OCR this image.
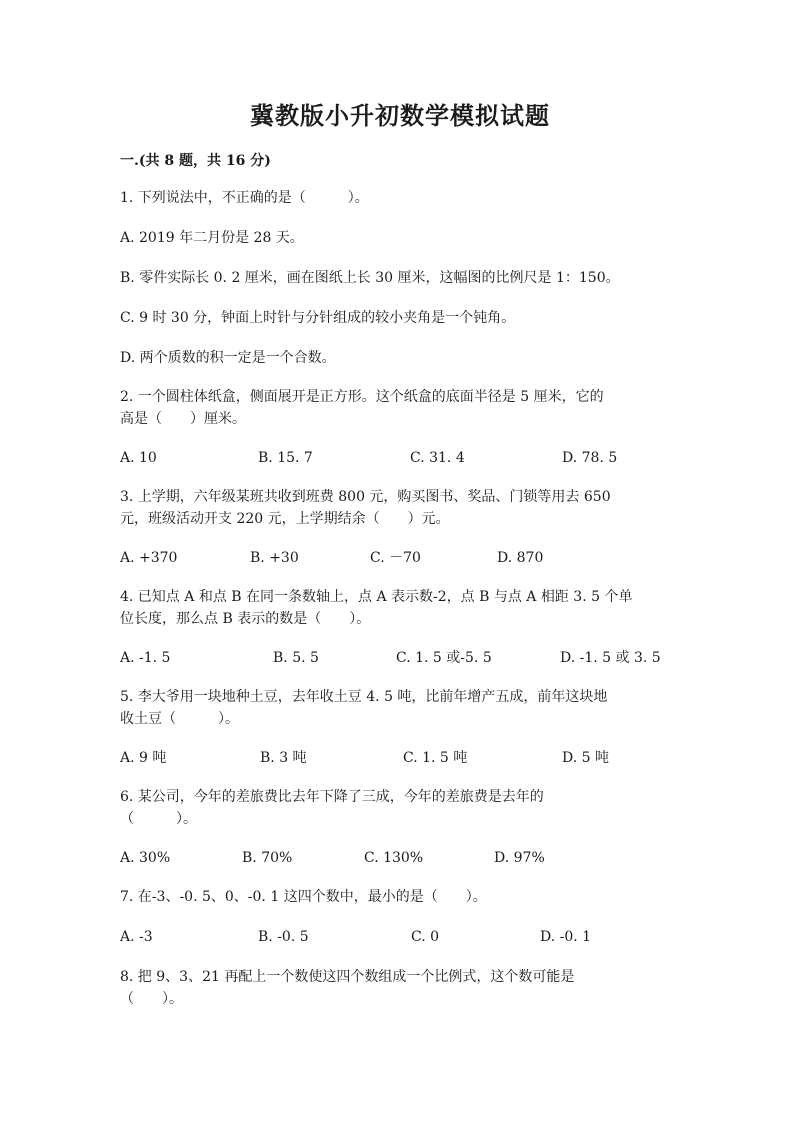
冀教版小升初数学模拟试题
一.(共 8 题，共 16 分)
1. 下列说法中，不正确的是（　　　）。
A. 2019 年二月份是 28 天。
B. 零件实际长 0. 2 厘米，画在图纸上长 30 厘米，这幅图的比例尺是 1：150。
C. 9 时 30 分，钟面上时针与分针组成的较小夹角是一个钝角。
D. 两个质数的积一定是一个合数。
2. 一个圆柱体纸盒，侧面展开是正方形。这个纸盒的底面半径是 5 厘米，它的
高是（　　）厘米。
A. 10	B. 15. 7	C. 31. 4	D. 78. 5
3. 上学期，六年级某班共收到班费 800 元，购买图书、奖品、门锁等用去 650
元，班级活动开支 220 元，上学期结余（　　）元。
A. +370	B. +30	C. －70	D. 870
4. 已知点 A 和点 B 在同一条数轴上，点 A 表示数-2，点 B 与点 A 相距 3. 5 个单
位长度，那么点 B 表示的数是（　　）。
A. -1. 5	B. 5. 5	C. 1. 5 或-5. 5	D. -1. 5 或 3. 5
5. 李大爷用一块地种土豆，去年收土豆 4. 5 吨，比前年增产五成，前年这块地
收土豆（　　　）。
A. 9 吨	B. 3 吨	C. 1. 5 吨	D. 5 吨
6. 某公司，今年的差旅费比去年下降了三成，今年的差旅费是去年的
（　　　）。
A. 30%	B. 70%	C. 130%	D. 97%
7. 在-3、-0. 5、0、-0. 1 这四个数中，最小的是（　　）。
A. -3	B. -0. 5	C. 0	D. -0. 1
8. 把 9、3、21 再配上一个数使这四个数组成一个比例式，这个数可能是
（　　）。
